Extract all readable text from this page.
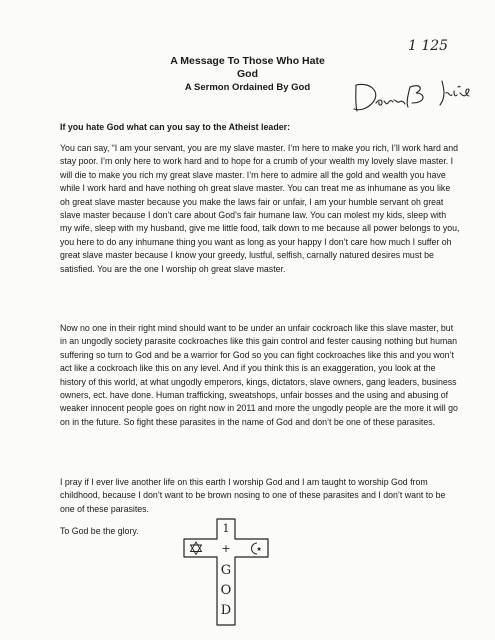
1 125
A Message To Those Who Hate
God
A Sermon Ordained By God
If you hate God what can you say to the Atheist leader:

You can say, “I am your servant, you are my slave master. I’m here to make you rich, I’ll work hard and stay poor. I’m only here to work hard and to hope for a crumb of your wealth my lovely slave master. I will die to make you rich my great slave master. I’m here to admire all the gold and wealth you have while I work hard and have nothing oh great slave master. You can treat me as inhumane as you like oh great slave master because you make the laws fair or unfair, I am your humble servant oh great slave master because I don’t care about God’s fair humane law. You can molest my kids, sleep with my wife, sleep with my husband, give me little food, talk down to me because all power belongs to you, you here to do any inhumane thing you want as long as your happy I don’t care how much I suffer oh great slave master because I know your greedy, lustful, selfish, carnally natured desires must be satisfied. You are the one I worship oh great slave master.

Now no one in their right mind should want to be under an unfair cockroach like this slave master, but in an ungodly society parasite cockroaches like this gain control and fester causing nothing but human suffering so turn to God and be a warrior for God so you can fight cockroaches like this and you won’t act like a cockroach like this on any level. And if you think this is an exaggeration, you look at the history of this world, at what ungodly emperors, kings, dictators, slave owners, gang leaders, business owners, ect. have done. Human trafficking, sweatshops, unfair bosses and the using and abusing of weaker innocent people goes on right now in 2011 and more the ungodly people are the more it will go on in the future. So fight these parasites in the name of God and don’t be one of these parasites.

I pray if I ever live another life on this earth I worship God and I am taught to worship God from childhood, because I don’t want to be brown nosing to one of these parasites and I don’t want to be one of these parasites.

To God be the glory.	1
+
G
O
D
